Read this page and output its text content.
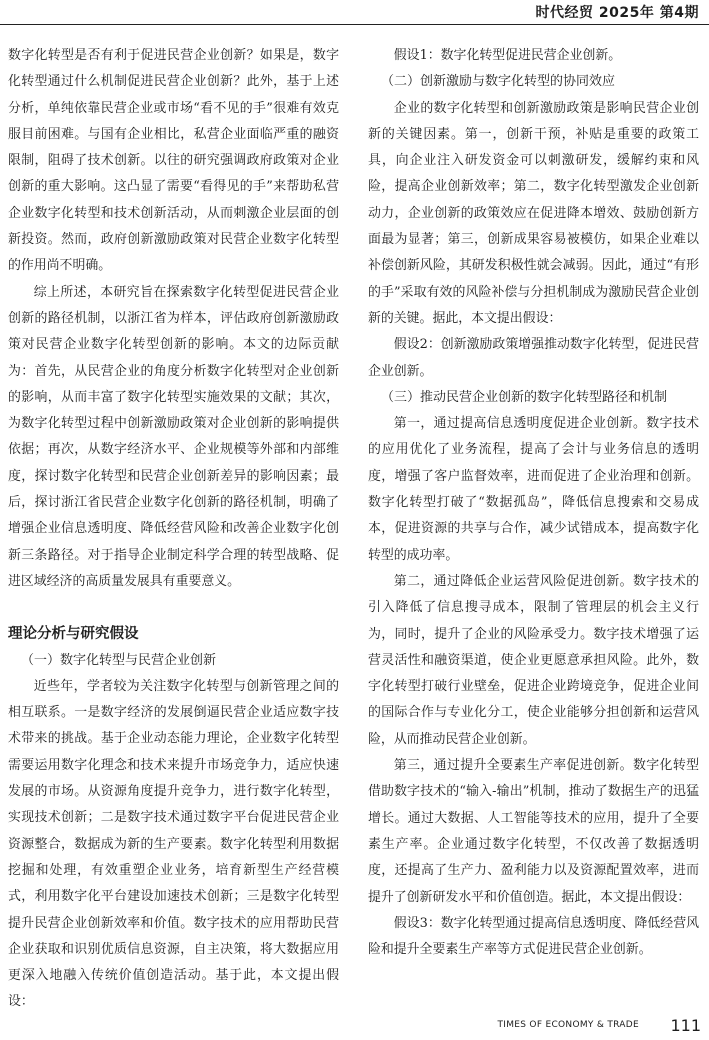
时代经贸 2025年 第4期

数字化转型是否有利于促进民营企业创新？如果是，数字化转型通过什么机制促进民营企业创新？此外，基于上述分析，单纯依靠民营企业或市场“看不见的手”很难有效克服目前困难。与国有企业相比，私营企业面临严重的融资限制，阻碍了技术创新。以往的研究强调政府政策对企业创新的重大影响。这凸显了需要“看得见的手”来帮助私营企业数字化转型和技术创新活动，从而刺激企业层面的创新投资。然而，政府创新激励政策对民营企业数字化转型的作用尚不明确。

综上所述，本研究旨在探索数字化转型促进民营企业创新的路径机制，以浙江省为样本，评估政府创新激励政策对民营企业数字化转型创新的影响。本文的边际贡献为：首先，从民营企业的角度分析数字化转型对企业创新的影响，从而丰富了数字化转型实施效果的文献；其次，为数字化转型过程中创新激励政策对企业创新的影响提供依据；再次，从数字经济水平、企业规模等外部和内部维度，探讨数字化转型和民营企业创新差异的影响因素；最后，探讨浙江省民营企业数字化创新的路径机制，明确了增强企业信息透明度、降低经营风险和改善企业数字化创新三条路径。对于指导企业制定科学合理的转型战略、促进区域经济的高质量发展具有重要意义。

理论分析与研究假设
（一）数字化转型与民营企业创新

近些年，学者较为关注数字化转型与创新管理之间的相互联系。一是数字经济的发展倒逼民营企业适应数字技术带来的挑战。基于企业动态能力理论，企业数字化转型需要运用数字化理念和技术来提升市场竞争力，适应快速发展的市场。从资源角度提升竞争力，进行数字化转型，实现技术创新；二是数字技术通过数字平台促进民营企业资源整合，数据成为新的生产要素。数字化转型利用数据挖掘和处理，有效重塑企业业务，培育新型生产经营模式，利用数字化平台建设加速技术创新；三是数字化转型提升民营企业创新效率和价值。数字技术的应用帮助民营企业获取和识别优质信息资源，自主决策，将大数据应用更深入地融入传统价值创造活动。基于此，本文提出假设：

假设1：数字化转型促进民营企业创新。

（二）创新激励与数字化转型的协同效应

企业的数字化转型和创新激励政策是影响民营企业创新的关键因素。第一，创新干预，补贴是重要的政策工具，向企业注入研发资金可以刺激研发，缓解约束和风险，提高企业创新效率；第二，数字化转型激发企业创新动力，企业创新的政策效应在促进降本增效、鼓励创新方面最为显著；第三，创新成果容易被模仿，如果企业难以补偿创新风险，其研发积极性就会减弱。因此，通过“有形的手”采取有效的风险补偿与分担机制成为激励民营企业创新的关键。据此，本文提出假设：

假设2：创新激励政策增强推动数字化转型，促进民营企业创新。

（三）推动民营企业创新的数字化转型路径和机制

第一，通过提高信息透明度促进企业创新。数字技术的应用优化了业务流程，提高了会计与业务信息的透明度，增强了客户监督效率，进而促进了企业治理和创新。数字化转型打破了“数据孤岛”，降低信息搜索和交易成本，促进资源的共享与合作，减少试错成本，提高数字化转型的成功率。

第二，通过降低企业运营风险促进创新。数字技术的引入降低了信息搜寻成本，限制了管理层的机会主义行为，同时，提升了企业的风险承受力。数字技术增强了运营灵活性和融资渠道，使企业更愿意承担风险。此外，数字化转型打破行业壁垒，促进企业跨境竞争，促进企业间的国际合作与专业化分工，使企业能够分担创新和运营风险，从而推动民营企业创新。

第三，通过提升全要素生产率促进创新。数字化转型借助数字技术的“输入-输出”机制，推动了数据生产的迅猛增长。通过大数据、人工智能等技术的应用，提升了全要素生产率。企业通过数字化转型，不仅改善了数据透明度，还提高了生产力、盈利能力以及资源配置效率，进而提升了创新研发水平和价值创造。据此，本文提出假设：

假设3：数字化转型通过提高信息透明度、降低经营风险和提升全要素生产率等方式促进民营企业创新。

TIMES OF ECONOMY & TRADE 111
